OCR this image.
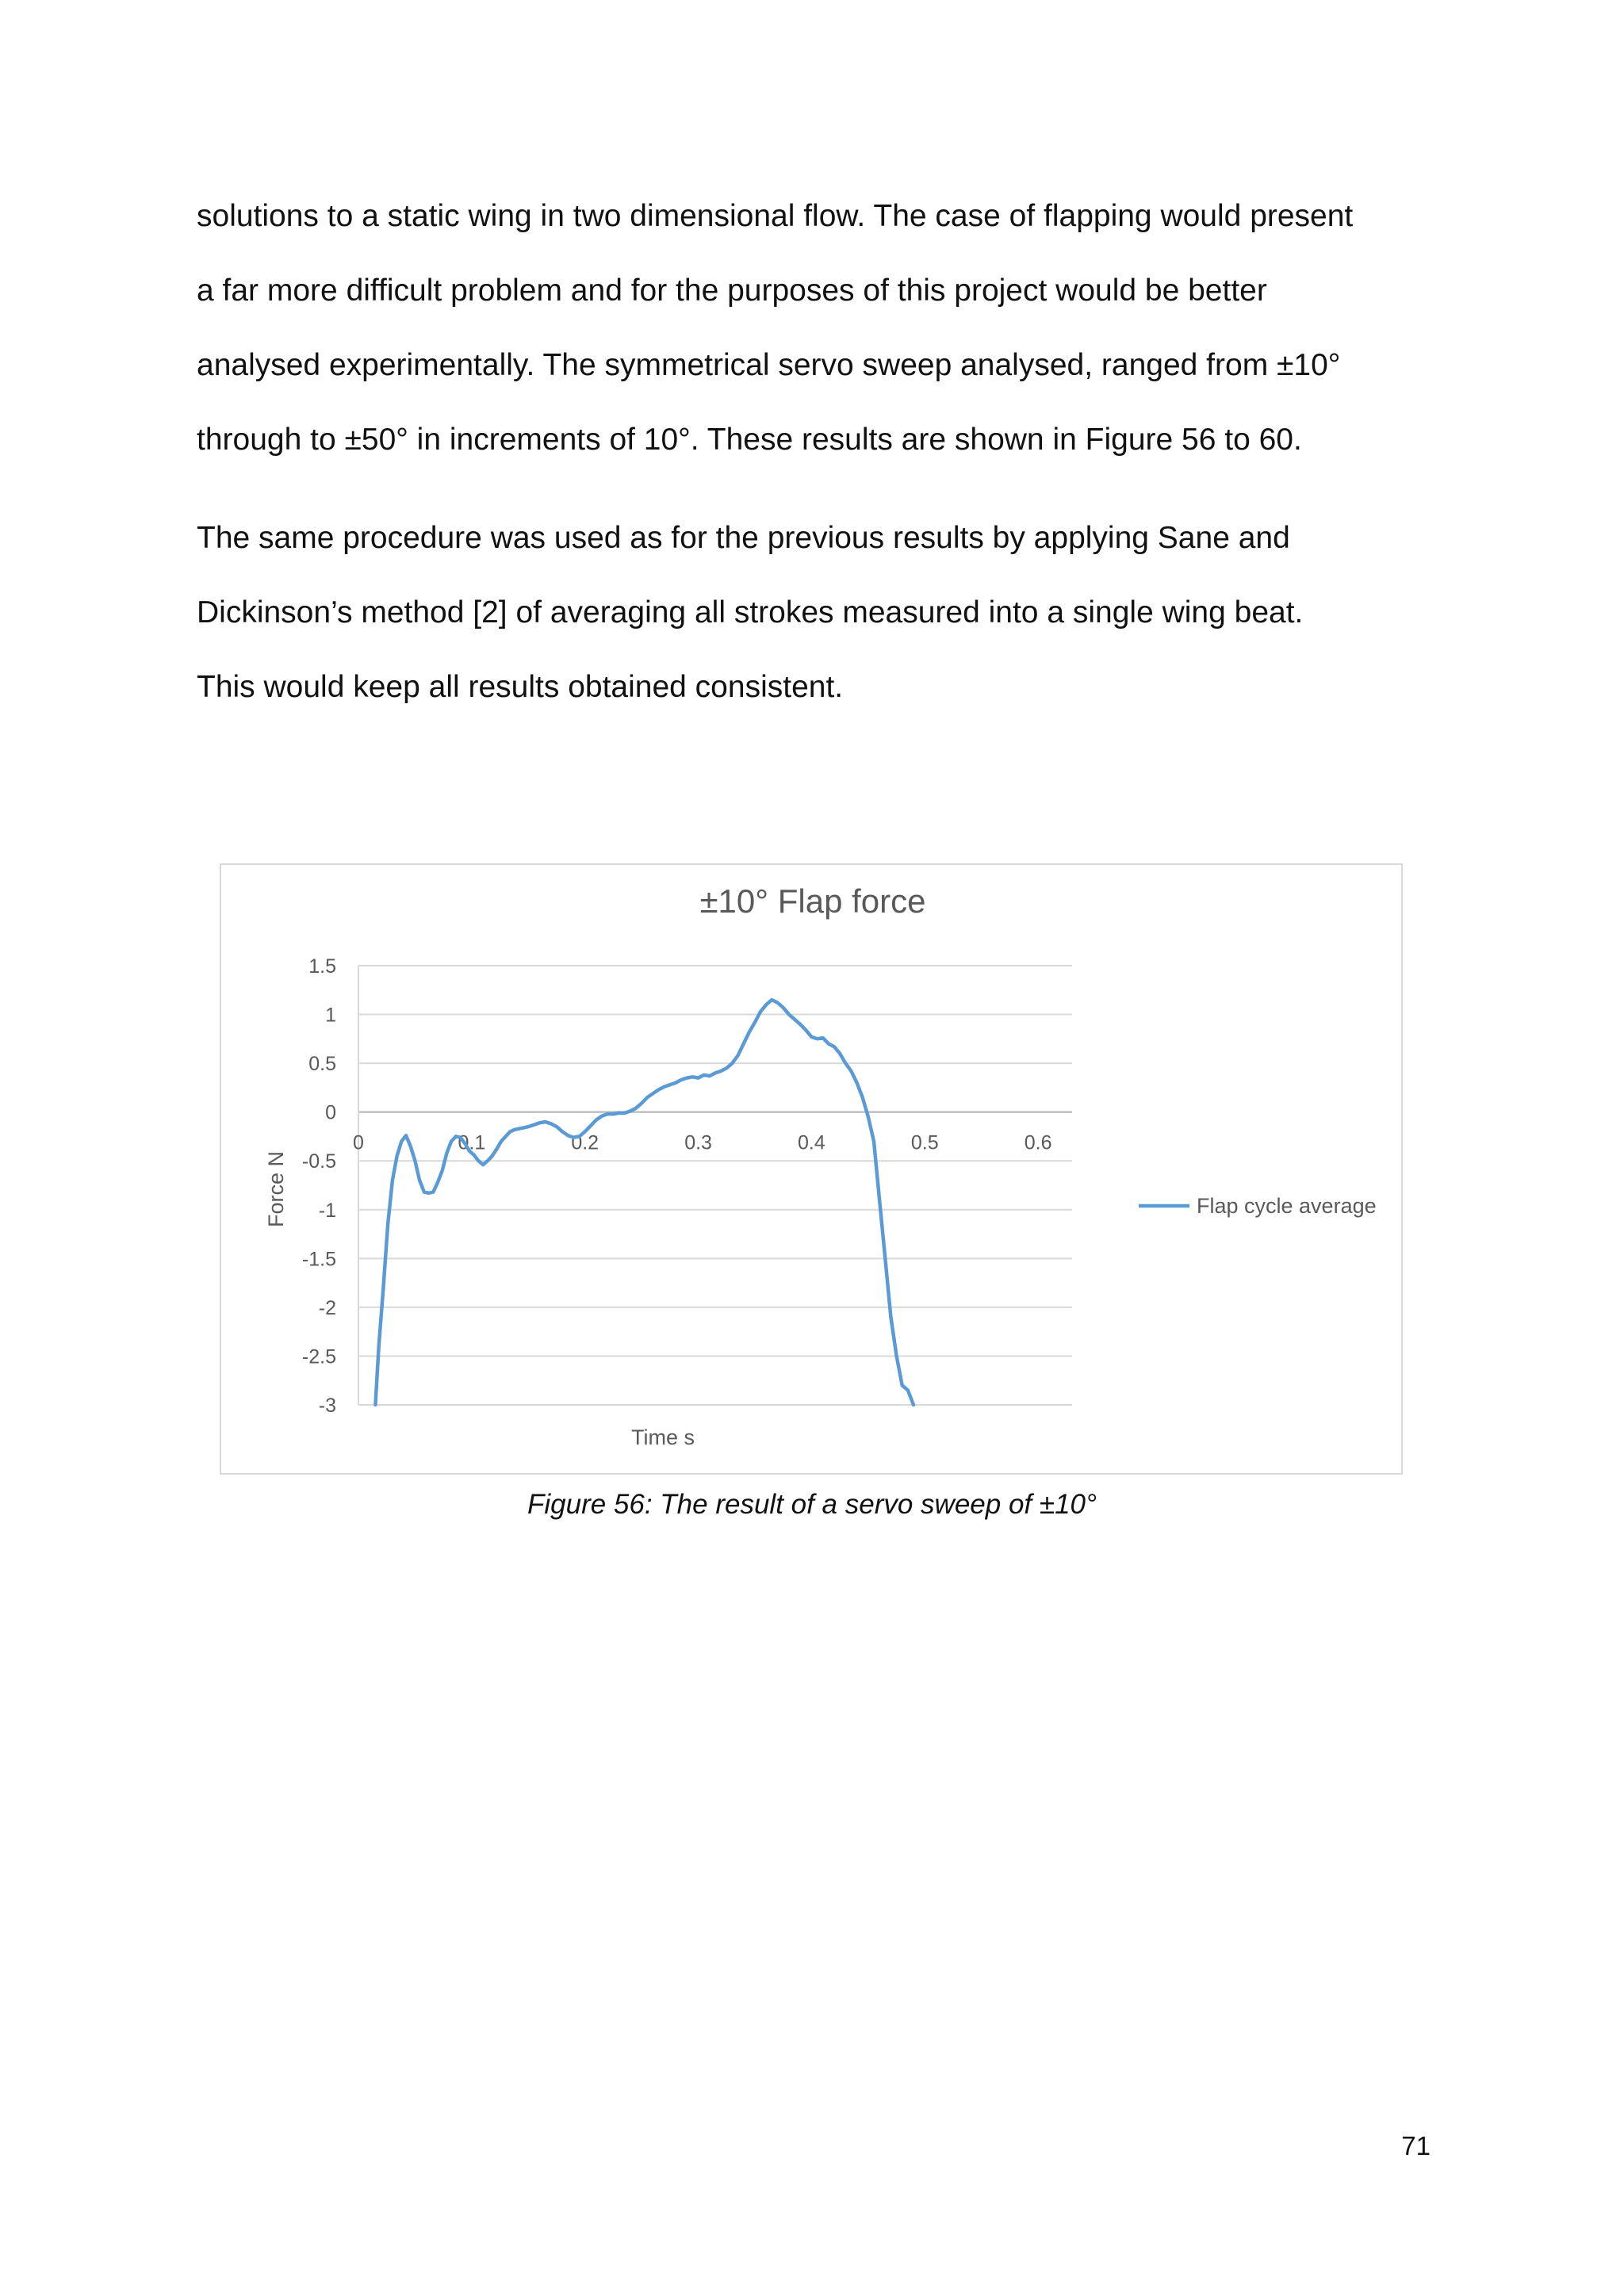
solutions to a static wing in two dimensional flow. The case of flapping would present
a far more difficult problem and for the purposes of this project would be better
analysed experimentally. The symmetrical servo sweep analysed, ranged from ±10°
through to ±50° in increments of 10°. These results are shown in Figure 56 to 60.
The same procedure was used as for the previous results by applying Sane and
Dickinson’s method [2] of averaging all strokes measured into a single wing beat.
This would keep all results obtained consistent.
1.5
1
0.5
0
-0.5
-1
-1.5
-2
-2.5
-3
0	0.1	0.2	0.3	0.4	0.5	0.6
±10° Flap force
Time s
Force N	Flap cycle average
Figure 56: The result of a servo sweep of ±10°
71
